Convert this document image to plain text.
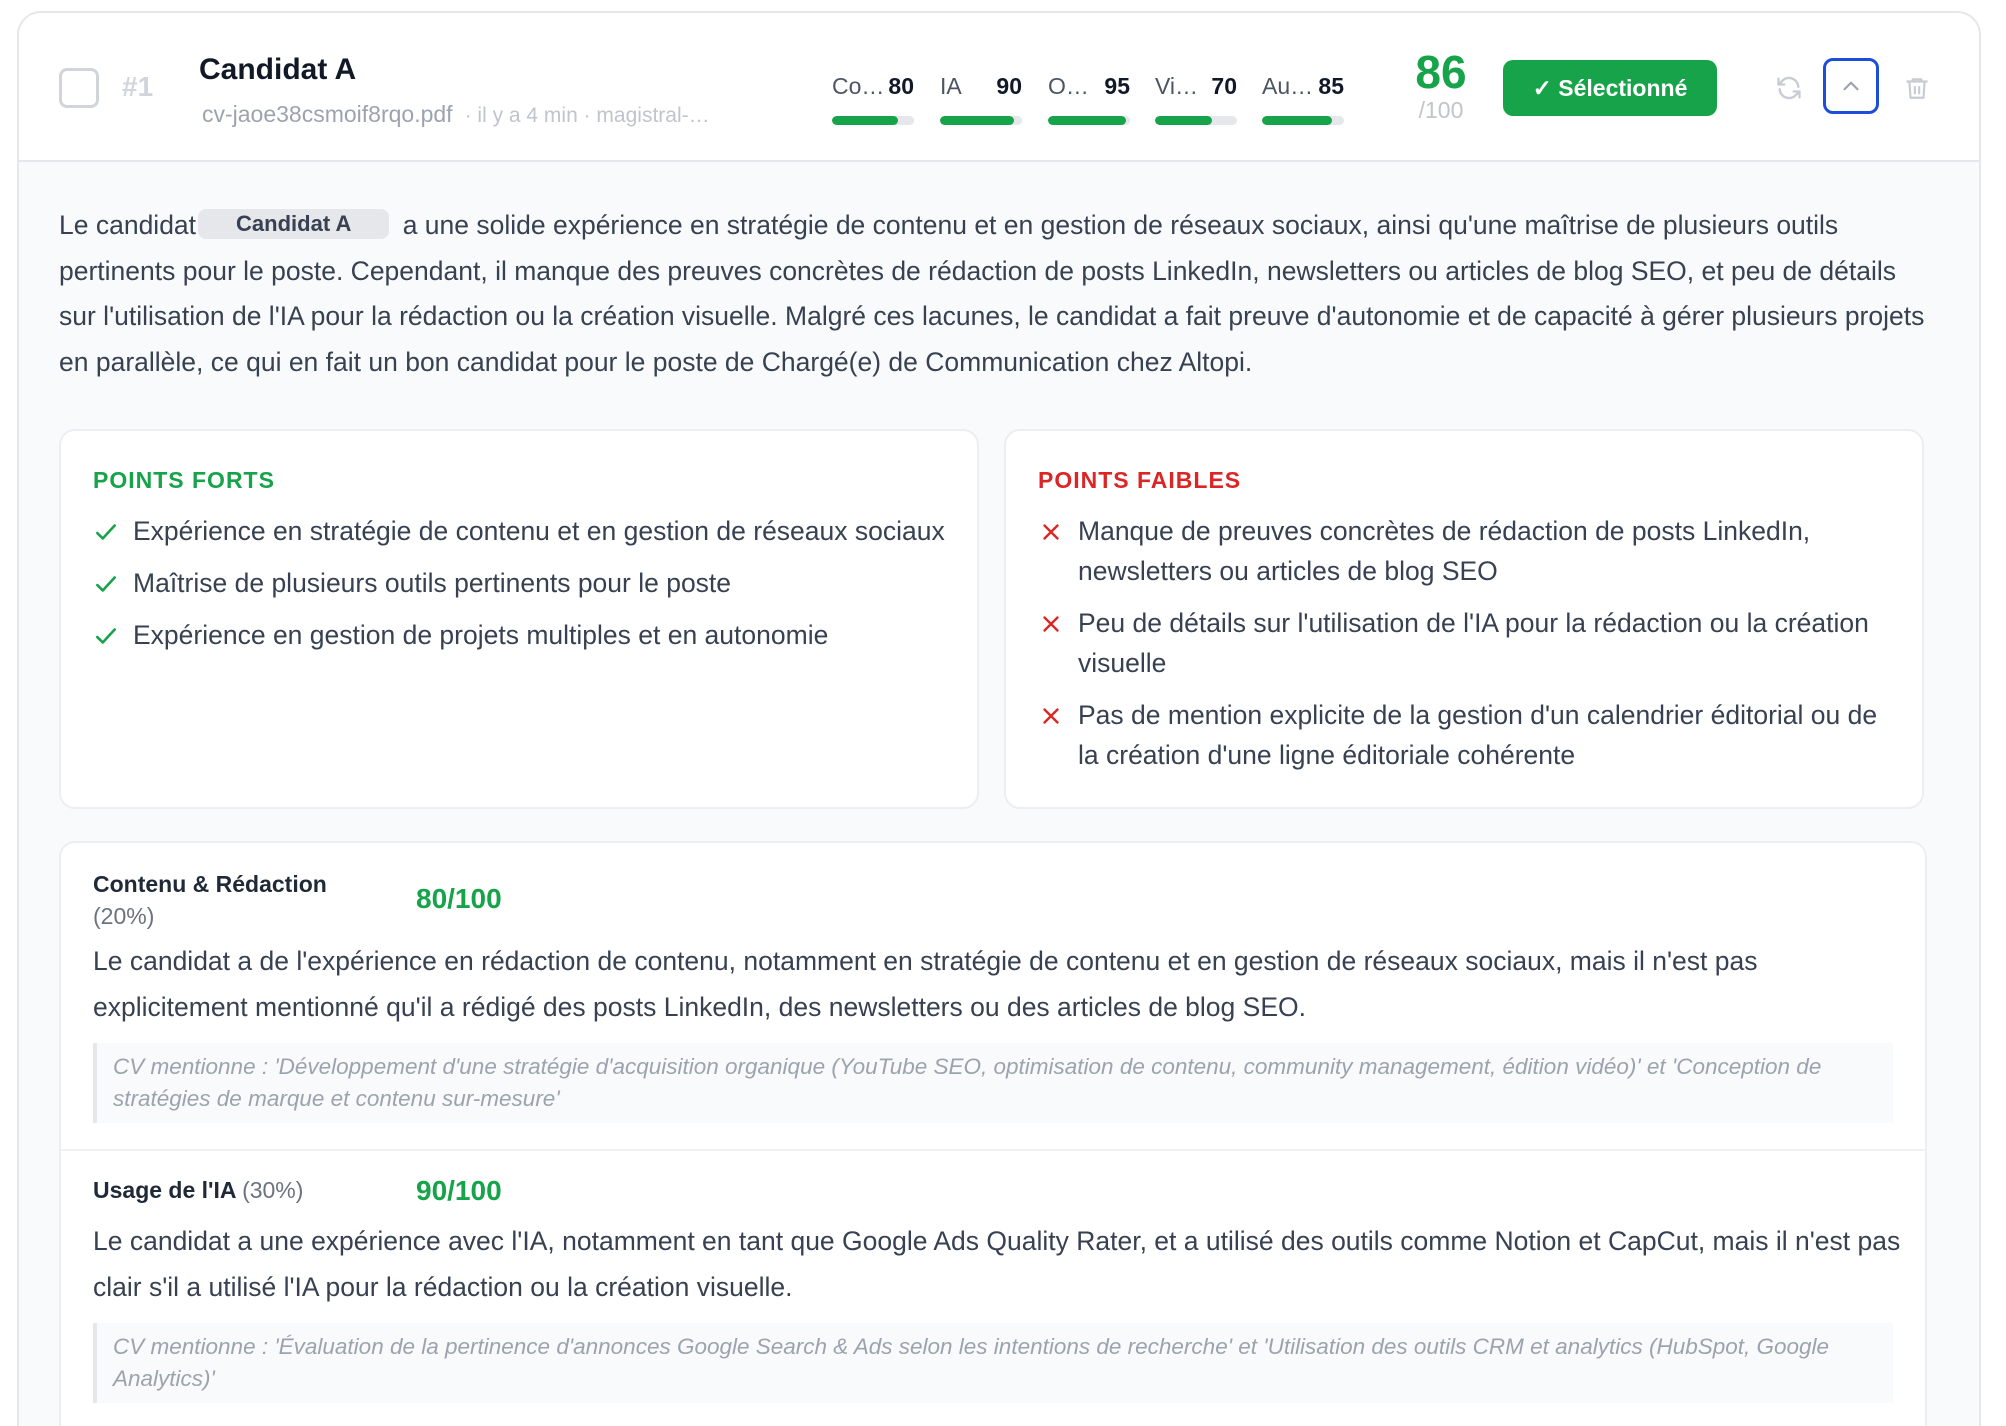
#1
Candidat A
cv-jaoe38csmoif8rqo.pdf · il y a 4 min · magistral-…
Co… 80 IA 90 O… 95 Vi… 70 Au… 85	86
/100
✓ Sélectionné

Le candidat Candidat A a une solide expérience en stratégie de contenu et en gestion de réseaux sociaux, ainsi qu'une maîtrise de plusieurs outils pertinents pour le poste. Cependant, il manque des preuves concrètes de rédaction de posts LinkedIn, newsletters ou articles de blog SEO, et peu de détails sur l'utilisation de l'IA pour la rédaction ou la création visuelle. Malgré ces lacunes, le candidat a fait preuve d'autonomie et de capacité à gérer plusieurs projets en parallèle, ce qui en fait un bon candidat pour le poste de Chargé(e) de Communication chez Altopi.

POINTS FORTS
Expérience en stratégie de contenu et en gestion de réseaux sociaux
Maîtrise de plusieurs outils pertinents pour le poste
Expérience en gestion de projets multiples et en autonomie
POINTS FAIBLES
Manque de preuves concrètes de rédaction de posts LinkedIn, newsletters ou articles de blog SEO
Peu de détails sur l'utilisation de l'IA pour la rédaction ou la création visuelle
Pas de mention explicite de la gestion d'un calendrier éditorial ou de la création d'une ligne éditoriale cohérente
Contenu & Rédaction
(20%)
80/100
Le candidat a de l'expérience en rédaction de contenu, notamment en stratégie de contenu et en gestion de réseaux sociaux, mais il n'est pas explicitement mentionné qu'il a rédigé des posts LinkedIn, des newsletters ou des articles de blog SEO.
CV mentionne : 'Développement d'une stratégie d'acquisition organique (YouTube SEO, optimisation de contenu, community management, édition vidéo)' et 'Conception de stratégies de marque et contenu sur-mesure'
Usage de l'IA (30%)	90/100
Le candidat a une expérience avec l'IA, notamment en tant que Google Ads Quality Rater, et a utilisé des outils comme Notion et CapCut, mais il n'est pas clair s'il a utilisé l'IA pour la rédaction ou la création visuelle.
CV mentionne : 'Évaluation de la pertinence d'annonces Google Search & Ads selon les intentions de recherche' et 'Utilisation des outils CRM et analytics (HubSpot, Google Analytics)'
